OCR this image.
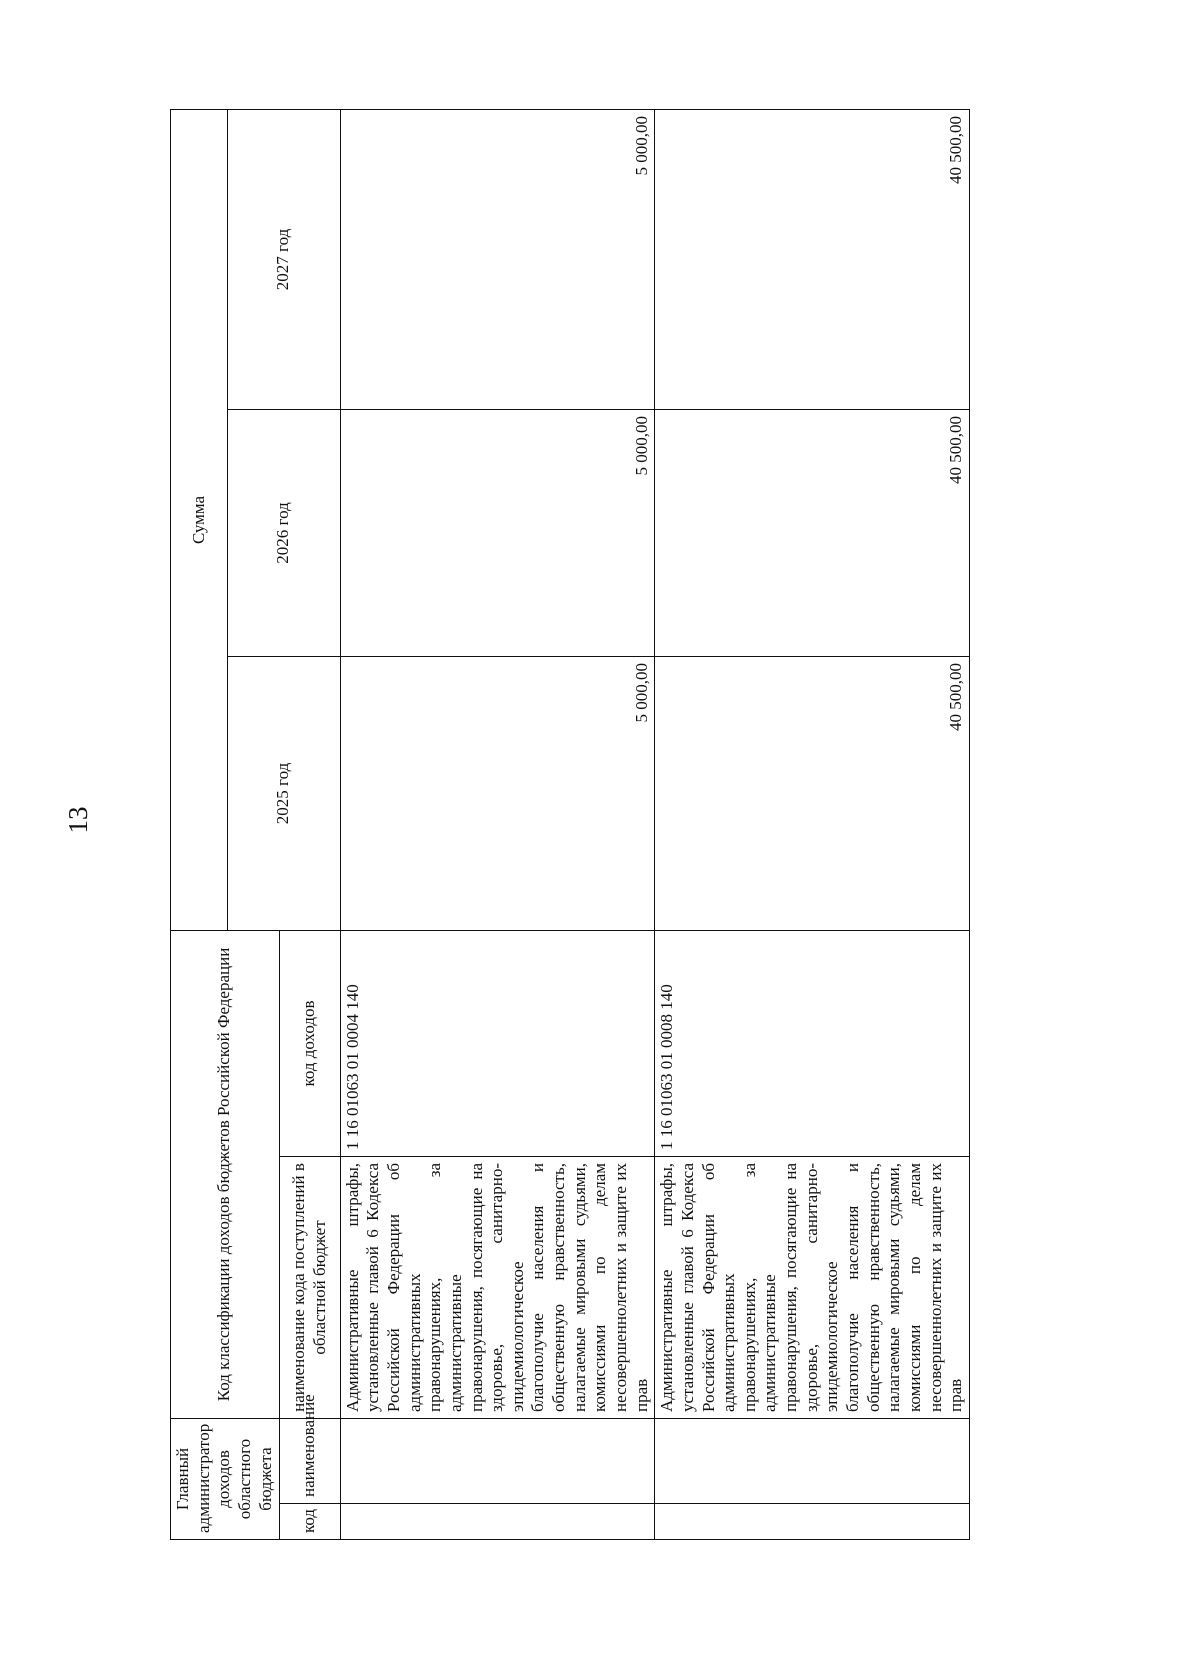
13
Главный администратор доходов областного бюджета		Код классификации доходов бюджетов Российской Федерации		Сумма		
				2025 год	2026 год	2027 год
код	наименование	наименование кода поступлений в областной бюджет	код доходов			
		Административные штрафы, установленные главой 6 Кодекса Российской Федерации об административных правонарушениях, за административные правонарушения, посягающие на здоровье, санитарно-эпидемиологическое благополучие населения и общественную нравственность, налагаемые мировыми судьями, комиссиями по делам несовершеннолетних и защите их прав	1 16 01063 01 0004 140	5 000,00	5 000,00	5 000,00
		Административные штрафы, установленные главой 6 Кодекса Российской Федерации об административных правонарушениях, за административные правонарушения, посягающие на здоровье, санитарно-эпидемиологическое благополучие населения и общественную нравственность, налагаемые мировыми судьями, комиссиями по делам несовершеннолетних и защите их прав	1 16 01063 01 0008 140	40 500,00	40 500,00	40 500,00
